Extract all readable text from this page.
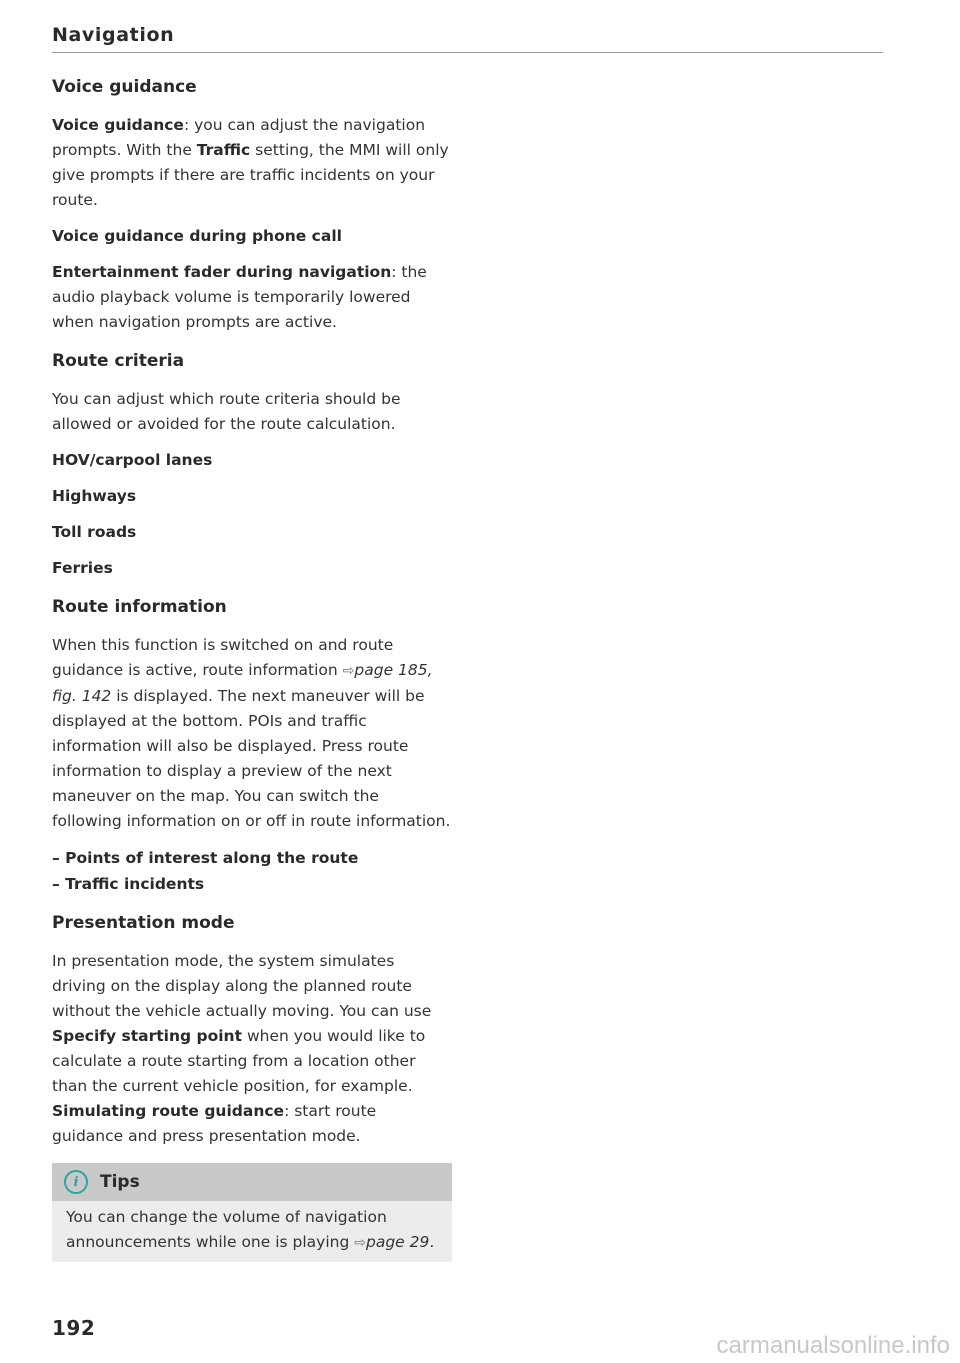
Navigation
Voice guidance

Voice guidance: you can adjust the navigation prompts. With the Traffic setting, the MMI will only give prompts if there are traffic incidents on your route.

Voice guidance during phone call

Entertainment fader during navigation: the audio playback volume is temporarily lowered when navigation prompts are active.

Route criteria

You can adjust which route criteria should be allowed or avoided for the route calculation.

HOV/carpool lanes
Highways
Toll roads
Ferries
Route information

When this function is switched on and route guidance is active, route information ⇨page 185, fig. 142 is displayed. The next maneuver will be displayed at the bottom. POIs and traffic information will also be displayed. Press route information to display a preview of the next maneuver on the map. You can switch the following information on or off in route information.

– Points of interest along the route
– Traffic incidents
Presentation mode

In presentation mode, the system simulates driving on the display along the planned route without the vehicle actually moving. You can use Specify starting point when you would like to calculate a route starting from a location other than the current vehicle position, for example. Simulating route guidance: start route guidance and press presentation mode.

i	Tips
You can change the volume of navigation announcements while one is playing ⇨page 29.
192
carmanualsonline.info
